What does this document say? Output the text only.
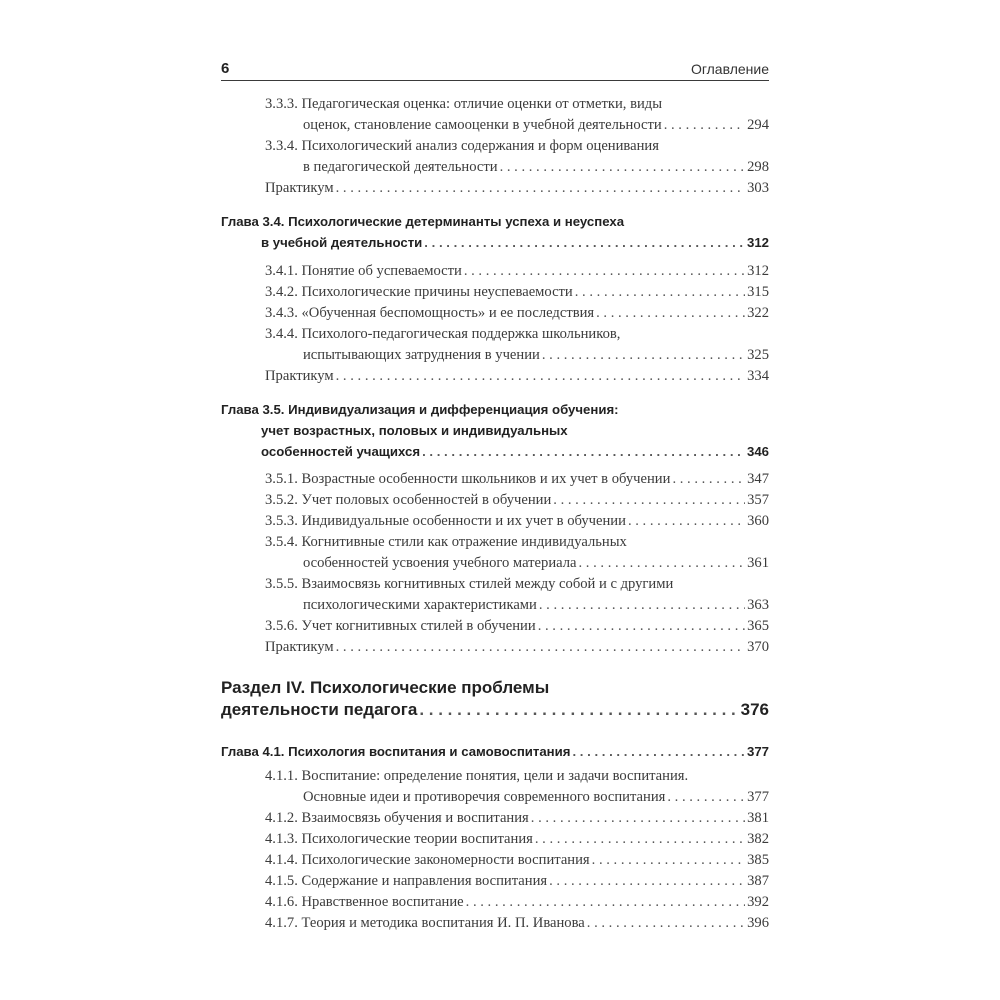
6	Оглавление
3.3.3. Педагогическая оценка: отличие оценки от отметки, виды
оценок, становление самооценки в учебной деятельности . . .	294
3.3.4. Психологический анализ содержания и форм оценивания
в педагогической деятельности . . .	298
Практикум . . .	303
Глава 3.4. Психологические детерминанты успеха и неуспеха
в учебной деятельности . . .	312
3.4.1. Понятие об успеваемости . . .	312
3.4.2. Психологические причины неуспеваемости . . .	315
3.4.3. «Обученная беспомощность» и ее последствия . . .	322
3.4.4. Психолого-педагогическая поддержка школьников,
испытывающих затруднения в учении . . .	325
Практикум . . .	334
Глава 3.5. Индивидуализация и дифференциация обучения:
учет возрастных, половых и индивидуальных
особенностей учащихся . . .	346
3.5.1. Возрастные особенности школьников и их учет в обучении . . .	347
3.5.2. Учет половых особенностей в обучении . . .	357
3.5.3. Индивидуальные особенности и их учет в обучении . . .	360
3.5.4. Когнитивные стили как отражение индивидуальных
особенностей усвоения учебного материала . . .	361
3.5.5. Взаимосвязь когнитивных стилей между собой и с другими
психологическими характеристиками . . .	363
3.5.6. Учет когнитивных стилей в обучении . . .	365
Практикум . . .	370
Раздел IV. Психологические проблемы
деятельности педагога . . .	376
Глава 4.1. Психология воспитания и самовоспитания . . .	377
4.1.1. Воспитание: определение понятия, цели и задачи воспитания.
Основные идеи и противоречия современного воспитания . . .	377
4.1.2. Взаимосвязь обучения и воспитания . . .	381
4.1.3. Психологические теории воспитания . . .	382
4.1.4. Психологические закономерности воспитания . . .	385
4.1.5. Содержание и направления воспитания . . .	387
4.1.6. Нравственное воспитание . . .	392
4.1.7. Теория и методика воспитания И. П. Иванова . . .	396
